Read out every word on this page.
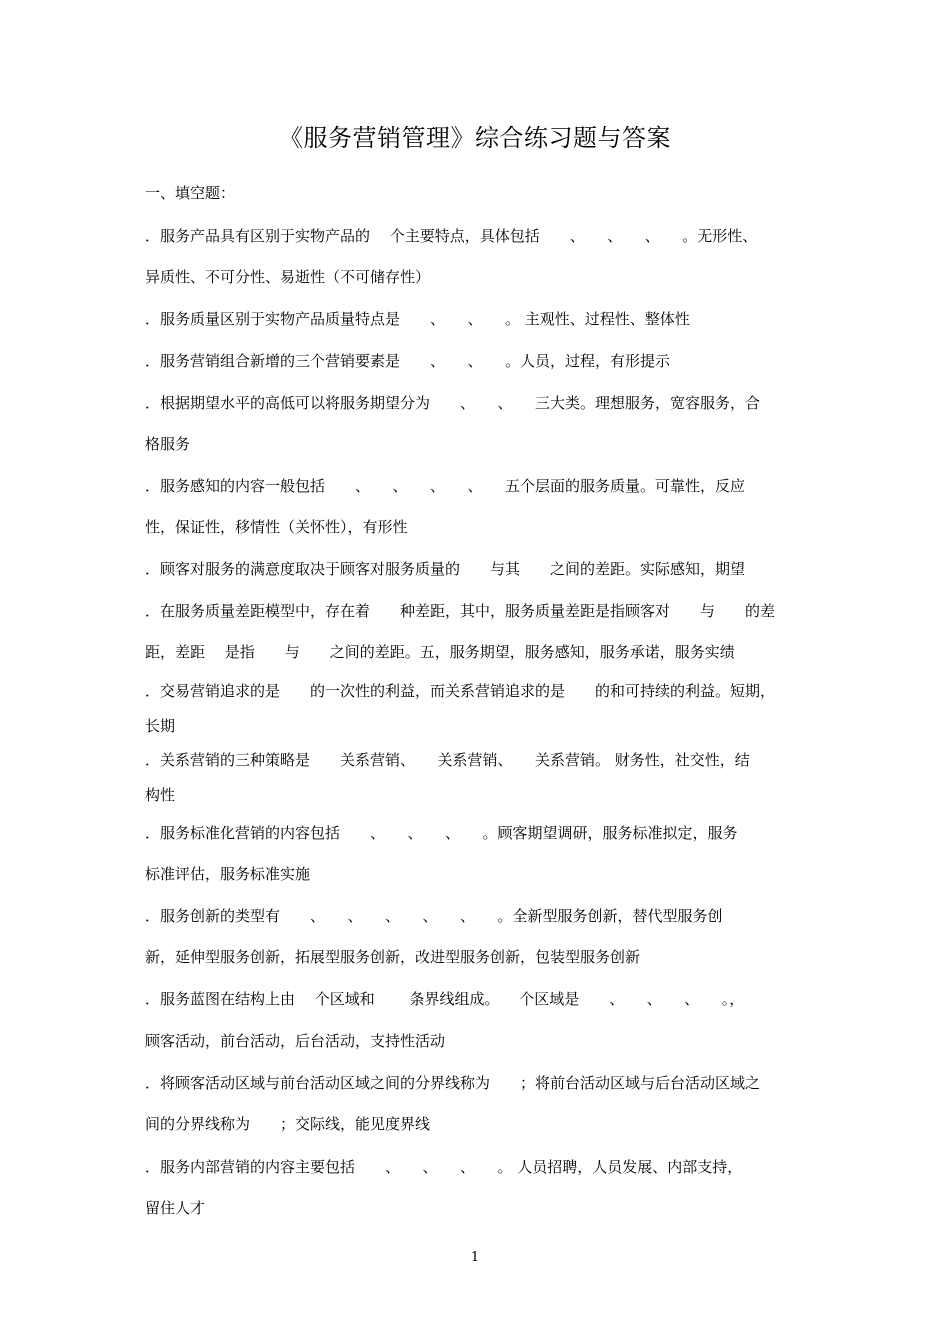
《服务营销管理》综合练习题与答案
一、填空题：
．服务产品具有区别于实物产品的 　个主要特点，具体包括　　、　　、　　、　　。无形性、
异质性、不可分性、易逝性（不可储存性）
．服务质量区别于实物产品质量特点是　　、　　、　　。 主观性、过程性、整体性
．服务营销组合新增的三个营销要素是　　、　　、　　。人员，过程，有形提示
．根据期望水平的高低可以将服务期望分为　　、　　、　　三大类。理想服务，宽容服务，合
格服务
．服务感知的内容一般包括　　、　　、　　、　　、　　五个层面的服务质量。可靠性，反应
性，保证性，移情性（关怀性），有形性
．顾客对服务的满意度取决于顾客对服务质量的　　与其　　之间的差距。实际感知，期望
．在服务质量差距模型中，存在着　　种差距，其中，服务质量差距是指顾客对　　与　　的差
距，差距 　是指　　与　　之间的差距。五，服务期望，服务感知，服务承诺，服务实绩
．交易营销追求的是　　的一次性的利益，而关系营销追求的是　　的和可持续的利益。短期，
长期
．关系营销的三种策略是　　关系营销、　　关系营销、　　关系营销。 财务性，社交性，结
构性
．服务标准化营销的内容包括　　、　　、　　、　　。顾客期望调研，服务标准拟定，服务
标准评估，服务标准实施
．服务创新的类型有　　、　　、　　、　　、　　、　　。全新型服务创新，替代型服务创
新，延伸型服务创新，拓展型服务创新，改进型服务创新，包装型服务创新
．服务蓝图在结构上由 　个区域和 　　条界线组成。 　个区域是　　、　　、　　、　　。，
顾客活动，前台活动，后台活动，支持性活动
．将顾客活动区域与前台活动区域之间的分界线称为　　；将前台活动区域与后台活动区域之
间的分界线称为　　；交际线，能见度界线
．服务内部营销的内容主要包括　　、　　、　　、　　。 人员招聘，人员发展、内部支持，
留住人才
1
